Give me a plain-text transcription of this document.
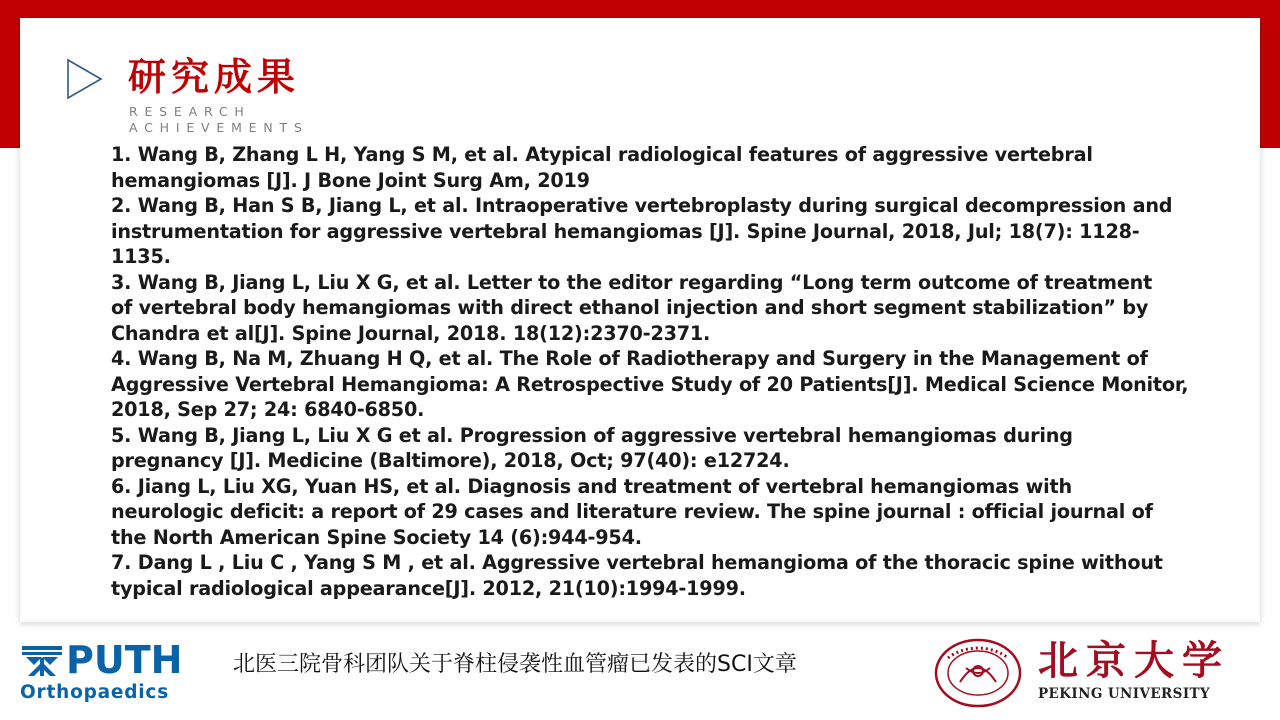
研究成果
RESEARCH ACHIEVEMENTS
1. Wang B, Zhang L H, Yang S M, et al. Atypical radiological features of aggressive vertebral
hemangiomas [J]. J Bone Joint Surg Am, 2019
2. Wang B, Han S B, Jiang L, et al. Intraoperative vertebroplasty during surgical decompression and
instrumentation for aggressive vertebral hemangiomas [J]. Spine Journal, 2018, Jul; 18(7): 1128-
1135.
3. Wang B, Jiang L, Liu X G, et al. Letter to the editor regarding “Long term outcome of treatment
of vertebral body hemangiomas with direct ethanol injection and short segment stabilization” by
Chandra et al[J]. Spine Journal, 2018. 18(12):2370-2371.
4. Wang B, Na M, Zhuang H Q, et al. The Role of Radiotherapy and Surgery in the Management of
Aggressive Vertebral Hemangioma: A Retrospective Study of 20 Patients[J]. Medical Science Monitor,
2018, Sep 27; 24: 6840-6850.
5. Wang B, Jiang L, Liu X G et al. Progression of aggressive vertebral hemangiomas during
pregnancy [J]. Medicine (Baltimore), 2018, Oct; 97(40): e12724.
6. Jiang L, Liu XG, Yuan HS, et al. Diagnosis and treatment of vertebral hemangiomas with
neurologic deficit: a report of 29 cases and literature review. The spine journal : official journal of
the North American Spine Society 14 (6):944-954.
7. Dang L , Liu C , Yang S M , et al. Aggressive vertebral hemangioma of the thoracic spine without
typical radiological appearance[J]. 2012, 21(10):1994-1999.
PUTH
Orthopaedics
北医三院骨科团队关于脊柱侵袭性血管瘤已发表的SCI文章	北京大学
PEKING UNIVERSITY
